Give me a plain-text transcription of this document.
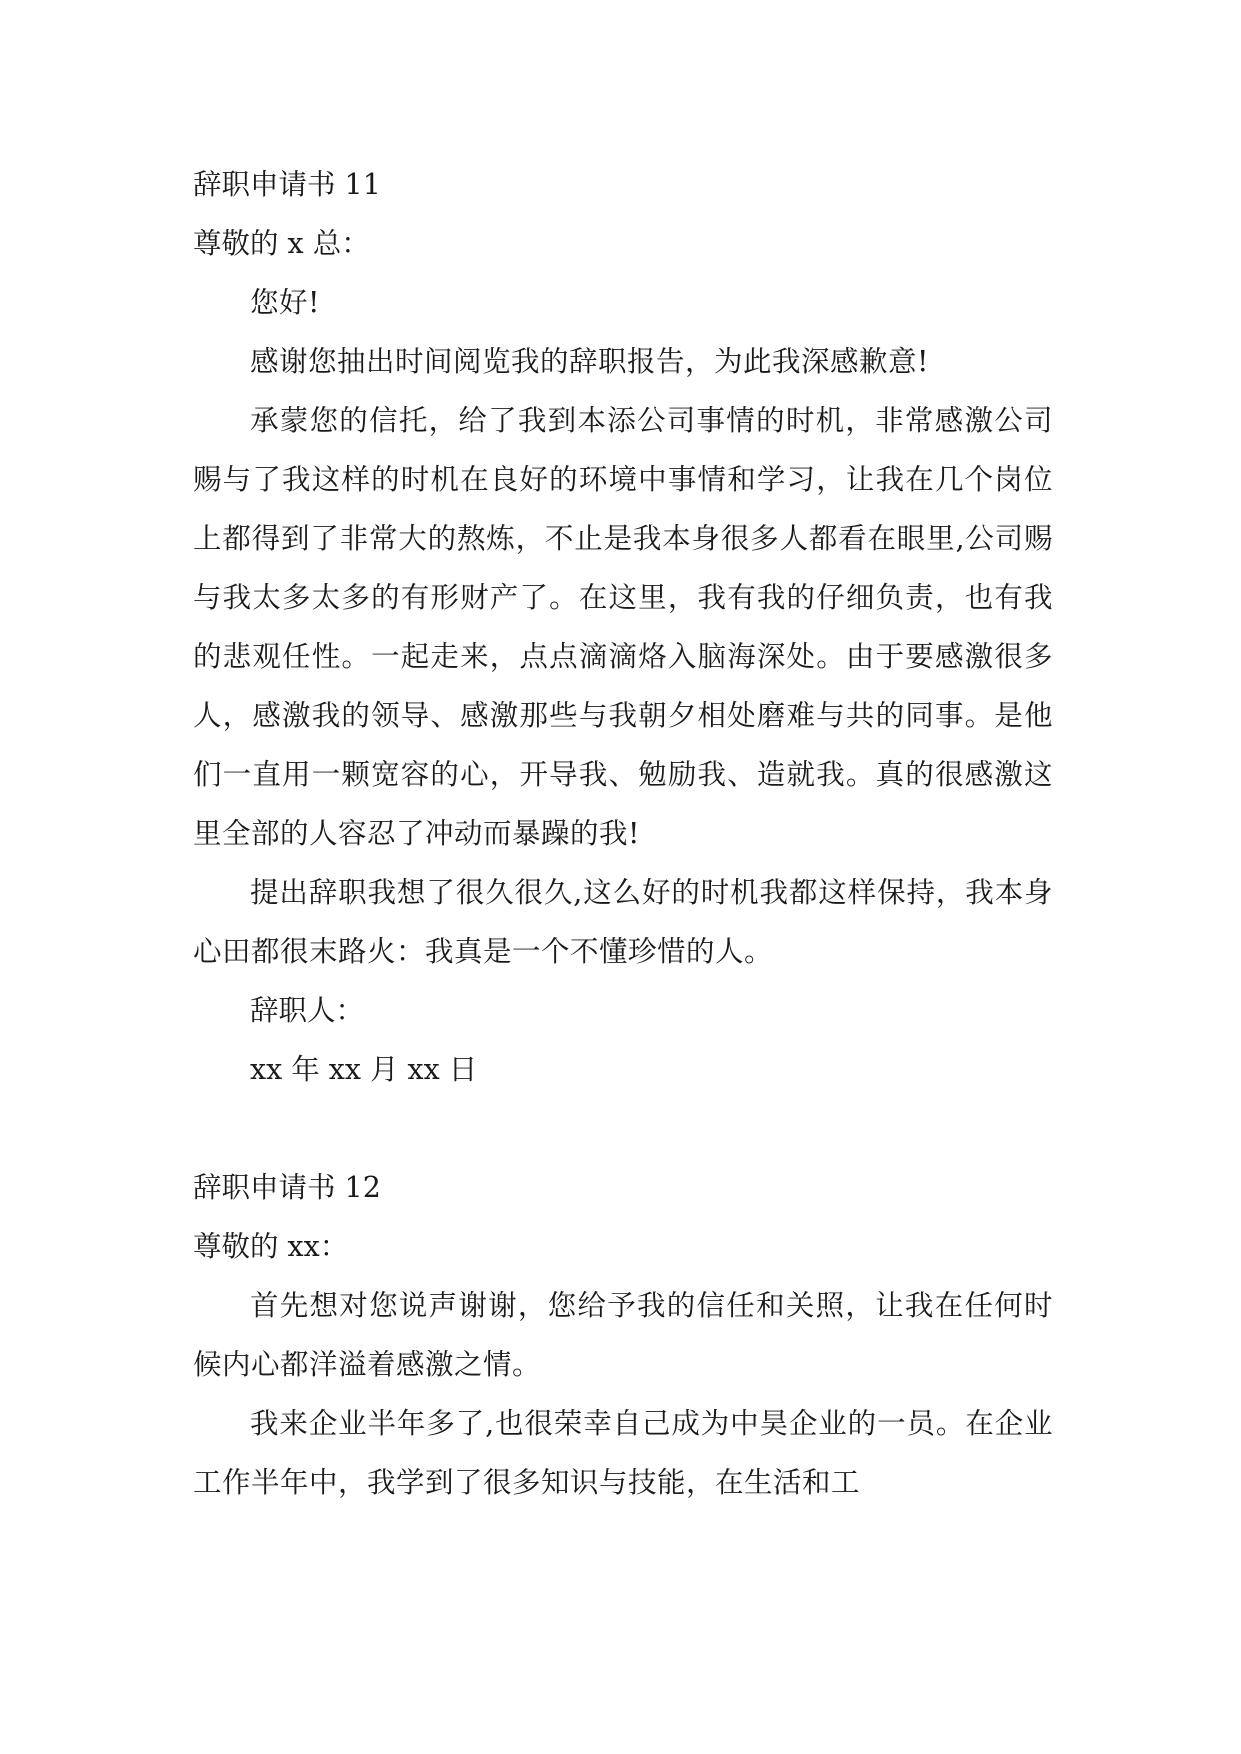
辞职申请书 11

尊敬的 x 总：

您好!

感谢您抽出时间阅览我的辞职报告，为此我深感歉意!

承蒙您的信托，给了我到本添公司事情的时机，非常感激公司赐与了我这样的时机在良好的环境中事情和学习，让我在几个岗位上都得到了非常大的熬炼，不止是我本身很多人都看在眼里,公司赐与我太多太多的有形财产了。在这里，我有我的仔细负责，也有我的悲观任性。一起走来，点点滴滴烙入脑海深处。由于要感激很多人，感激我的领导、感激那些与我朝夕相处磨难与共的同事。是他们一直用一颗宽容的心，开导我、勉励我、造就我。真的很感激这里全部的人容忍了冲动而暴躁的我!

提出辞职我想了很久很久,这么好的时机我都这样保持，我本身心田都很末路火：我真是一个不懂珍惜的人。

辞职人：

xx 年 xx 月 xx 日

辞职申请书 12

尊敬的 xx：

首先想对您说声谢谢，您给予我的信任和关照，让我在任何时候内心都洋溢着感激之情。

我来企业半年多了,也很荣幸自己成为中昊企业的一员。在企业工作半年中，我学到了很多知识与技能，在生活和工
